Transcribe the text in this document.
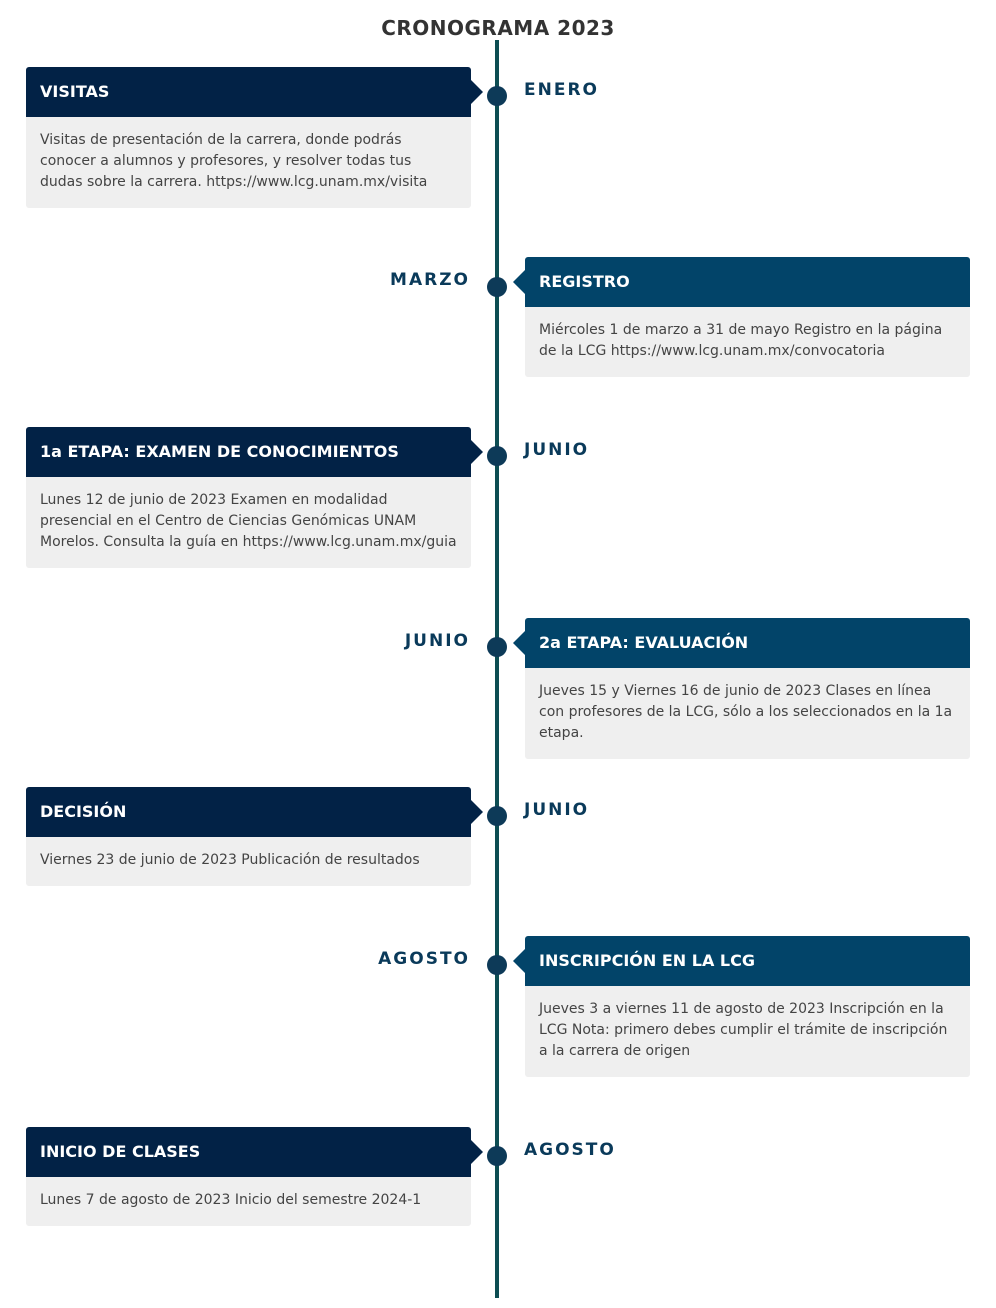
CRONOGRAMA 2023
ENERO
VISITAS
Visitas de presentación de la carrera, donde podrás conocer a alumnos y profesores, y resolver todas tus dudas sobre la carrera. https://www.lcg.unam.mx/visita
MARZO	REGISTRO
Miércoles 1 de marzo a 31 de mayo Registro en la página de la LCG https://www.lcg.unam.mx/convocatoria
JUNIO
1a ETAPA: EXAMEN DE CONOCIMIENTOS
Lunes 12 de junio de 2023 Examen en modalidad presencial en el Centro de Ciencias Genómicas UNAM Morelos. Consulta la guía en https://www.lcg.unam.mx/guia
JUNIO	2a ETAPA: EVALUACIÓN
Jueves 15 y Viernes 16 de junio de 2023 Clases en línea con profesores de la LCG, sólo a los seleccionados en la 1a etapa.
JUNIO
DECISIÓN
Viernes 23 de junio de 2023 Publicación de resultados
AGOSTO	INSCRIPCIÓN EN LA LCG
Jueves 3 a viernes 11 de agosto de 2023 Inscripción en la LCG Nota: primero debes cumplir el trámite de inscripción a la carrera de origen
AGOSTO
INICIO DE CLASES
Lunes 7 de agosto de 2023 Inicio del semestre 2024-1
